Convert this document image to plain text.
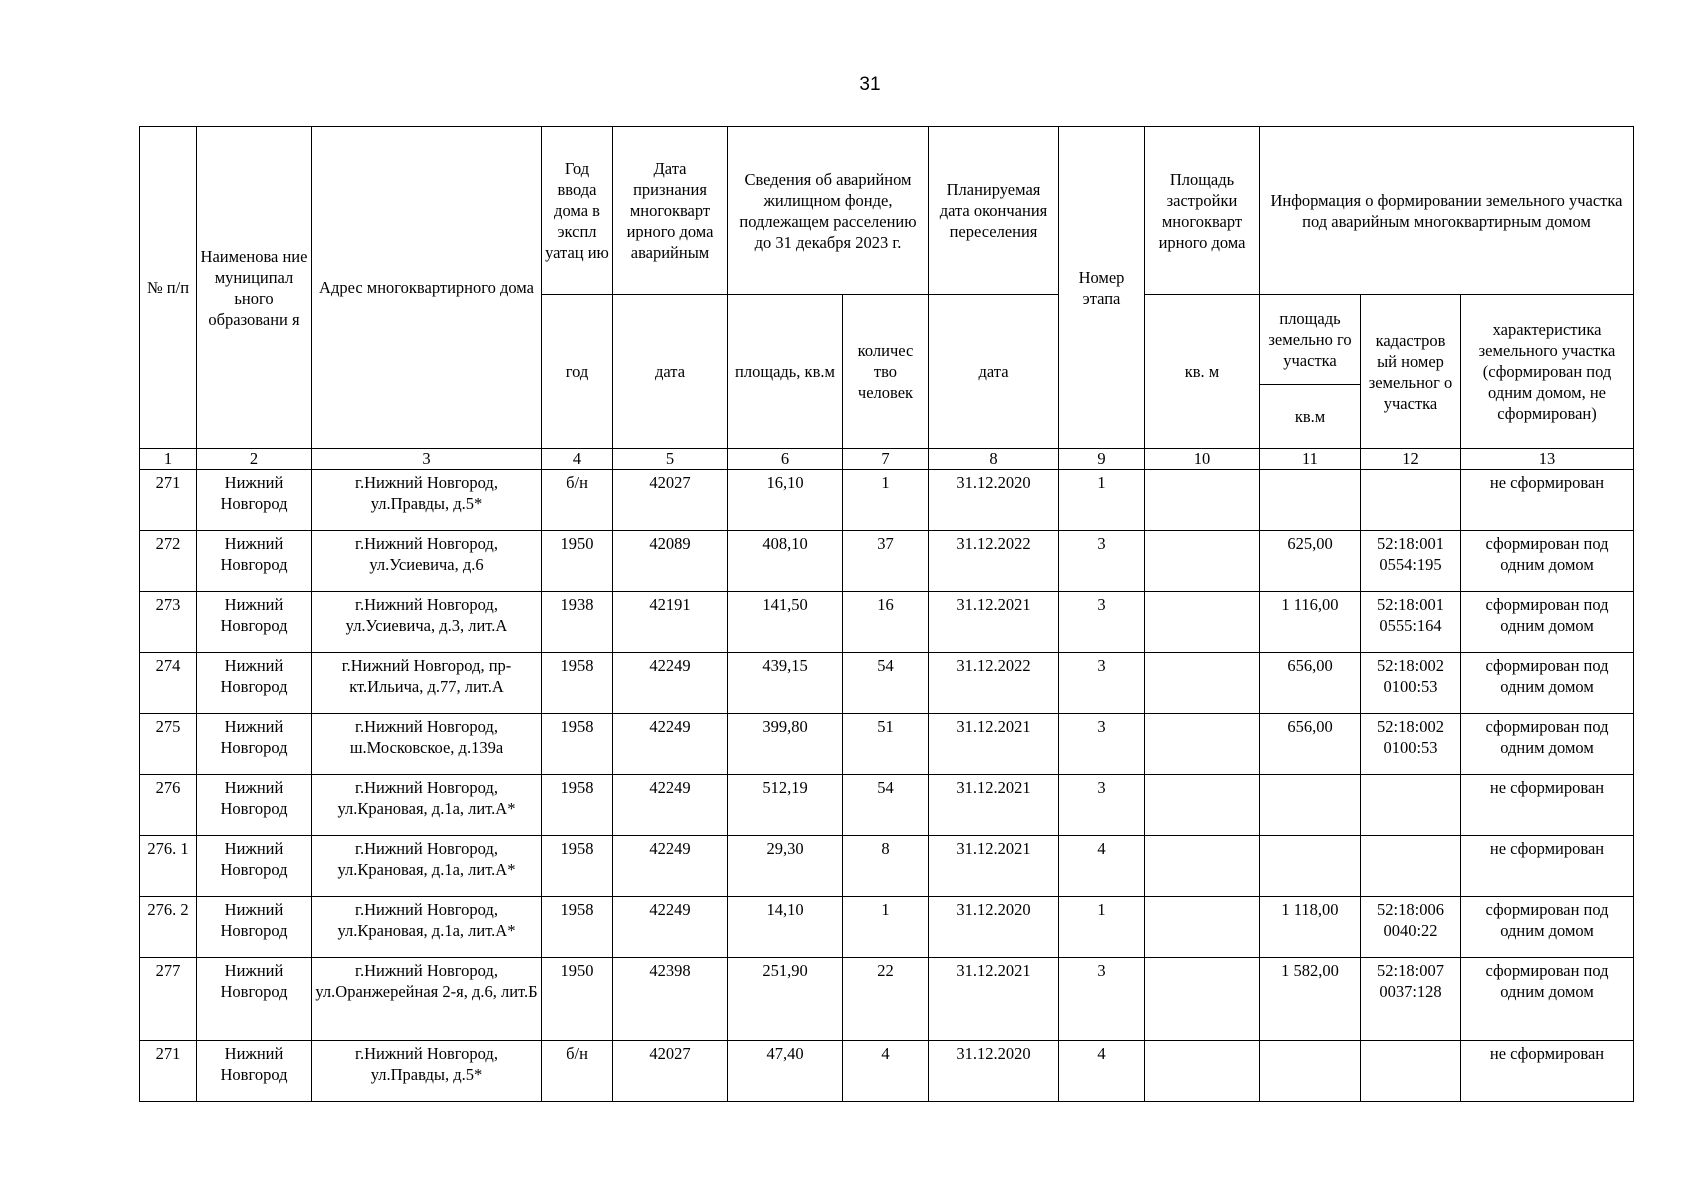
31
№ п/п	Наименова ние муниципал ьного образовани я	Адрес многоквартирного дома	Год ввода дома в экспл уатац ию	Дата признания многокварт ирного дома аварийным	Сведения об аварийном жилищном фонде, подлежащем расселению до 31 декабря 2023 г.		Планируемая дата окончания переселения	Номер этапа	Площадь застройки многокварт ирного дома	Информация о формировании земельного участка под аварийным многоквартирным домом		
			год	дата	площадь, кв.м	количес тво человек	дата		кв. м	площадь земельно го участка	кадастров ый номер земельног о участка	характеристика земельного участка (сформирован под одним домом, не сформирован)
										кв.м		
1	2	3	4	5	6	7	8	9	10	11	12	13
271	Нижний Новгород	г.Нижний Новгород, ул.Правды, д.5*	б/н	42027	16,10	1	31.12.2020	1				не сформирован
272	Нижний Новгород	г.Нижний Новгород, ул.Усиевича, д.6	1950	42089	408,10	37	31.12.2022	3		625,00	52:18:001 0554:195	сформирован под одним домом
273	Нижний Новгород	г.Нижний Новгород, ул.Усиевича, д.3, лит.А	1938	42191	141,50	16	31.12.2021	3		1 116,00	52:18:001 0555:164	сформирован под одним домом
274	Нижний Новгород	г.Нижний Новгород, пр-кт.Ильича, д.77, лит.А	1958	42249	439,15	54	31.12.2022	3		656,00	52:18:002 0100:53	сформирован под одним домом
275	Нижний Новгород	г.Нижний Новгород, ш.Московское, д.139а	1958	42249	399,80	51	31.12.2021	3		656,00	52:18:002 0100:53	сформирован под одним домом
276	Нижний Новгород	г.Нижний Новгород, ул.Крановая, д.1а, лит.А*	1958	42249	512,19	54	31.12.2021	3				не сформирован
276. 1	Нижний Новгород	г.Нижний Новгород, ул.Крановая, д.1а, лит.А*	1958	42249	29,30	8	31.12.2021	4				не сформирован
276. 2	Нижний Новгород	г.Нижний Новгород, ул.Крановая, д.1а, лит.А*	1958	42249	14,10	1	31.12.2020	1		1 118,00	52:18:006 0040:22	сформирован под одним домом
277	Нижний Новгород	г.Нижний Новгород, ул.Оранжерейная 2-я, д.6, лит.Б	1950	42398	251,90	22	31.12.2021	3		1 582,00	52:18:007 0037:128	сформирован под одним домом
271	Нижний Новгород	г.Нижний Новгород, ул.Правды, д.5*	б/н	42027	47,40	4	31.12.2020	4				не сформирован
